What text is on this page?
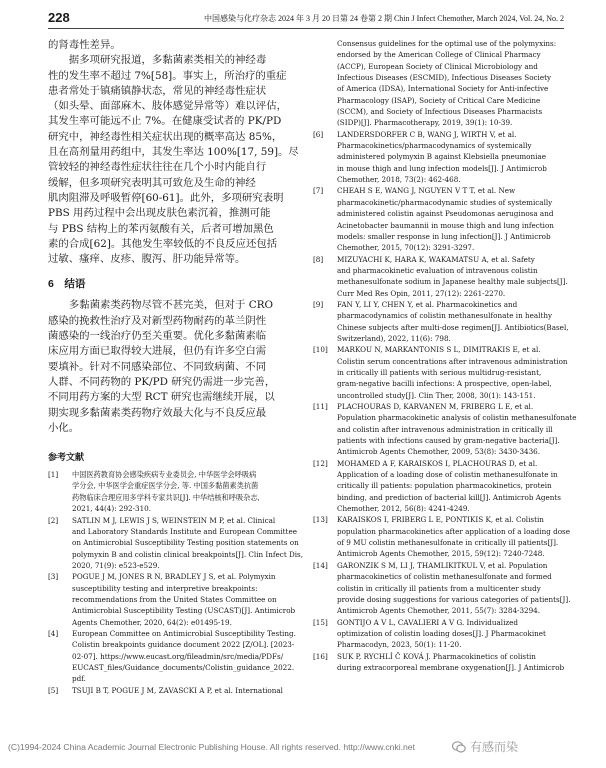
228	中国感染与化疗杂志 2024 年 3 月 20 日第 24 卷第 2 期 Chin J Infect Chemother, March 2024, Vol. 24, No. 2

的肾毒性差异。

据多项研究报道，多黏菌素类相关的神经毒
性的发生率不超过 7%[58]。事实上，所治疗的重症
患者常处于镇痛镇静状态，常见的神经毒性症状
（如头晕、面部麻木、肢体感觉异常等）难以评估，
其发生率可能远不止 7%。在健康受试者的 PK/PD
研究中，神经毒性相关症状出现的概率高达 85%，
且在高剂量用药组中，其发生率达 100%[17, 59]。尽
管较轻的神经毒性症状往往在几个小时内能自行
缓解，但多项研究表明其可致危及生命的神经
肌肉阻滞及呼吸暂停[60-61]。此外，多项研究表明
PBS 用药过程中会出现皮肤色素沉着，推测可能
与 PBS 结构上的苯丙氨酸有关，后者可增加黑色
素的合成[62]。其他发生率较低的不良反应还包括
过敏、瘙痒、皮疹、腹泻、肝功能异常等。

6　结语

多黏菌素类药物尽管不甚完美，但对于 CRO
感染的挽救性治疗及对新型药物耐药的革兰阴性
菌感染的一线治疗仍至关重要。优化多黏菌素临
床应用方面已取得较大进展，但仍有许多空白需
要填补。针对不同感染部位、不同致病菌、不同
人群、不同药物的 PK/PD 研究仍需进一步完善，
不同用药方案的大型 RCT 研究也需继续开展，以
期实现多黏菌素类药物疗效最大化与不良反应最
小化。

参考文献
[1]	中国医药教育协会感染疾病专业委员会, 中华医学会呼吸病
学分会, 中华医学会重症医学分会, 等. 中国多黏菌素类抗菌
药物临床合理应用多学科专家共识[J]. 中华结核和呼吸杂志,
2021, 44(4): 292-310.
[2]	SATLIN M J, LEWIS J S, WEINSTEIN M P, et al. Clinical
and Laboratory Standards Institute and European Committee
on Antimicrobial Susceptibility Testing position statements on
polymyxin B and colistin clinical breakpoints[J]. Clin Infect Dis,
2020, 71(9): e523-e529.
[3]	POGUE J M, JONES R N, BRADLEY J S, et al. Polymyxin
susceptibility testing and interpretive breakpoints:
recommendations from the United States Committee on
Antimicrobial Susceptibility Testing (USCAST)[J]. Antimicrob
Agents Chemother, 2020, 64(2): e01495-19.
[4]	European Committee on Antimicrobial Susceptibility Testing.
Colistin breakpoints guidance document 2022 [Z/OL]. [2023-
02-07]. https://www.eucast.org/fileadmin/src/media/PDFs/
EUCAST_files/Guidance_documents/Colistin_guidance_2022.
pdf.
[5]	TSUJI B T, POGUE J M, ZAVASCKI A P, et al. International
Consensus guidelines for the optimal use of the polymyxins:
endorsed by the American College of Clinical Pharmacy
(ACCP), European Society of Clinical Microbiology and
Infectious Diseases (ESCMID), Infectious Diseases Society
of America (IDSA), International Society for Anti-infective
Pharmacology (ISAP), Society of Critical Care Medicine
(SCCM), and Society of Infectious Diseases Pharmacists
(SIDP)[J]. Pharmacotherapy, 2019, 39(1): 10-39.
[6]	LANDERSDORFER C B, WANG J, WIRTH V, et al.
Pharmacokinetics/pharmacodynamics of systemically
administered polymyxin B against Klebsiella pneumoniae
in mouse thigh and lung infection models[J]. J Antimicrob
Chemother, 2018, 73(2): 462-468.
[7]	CHEAH S E, WANG J, NGUYEN V T T, et al. New
pharmacokinetic/pharmacodynamic studies of systemically
administered colistin against Pseudomonas aeruginosa and
Acinetobacter baumannii in mouse thigh and lung infection
models: smaller response in lung infection[J]. J Antimicrob
Chemother, 2015, 70(12): 3291-3297.
[8]	MIZUYACHI K, HARA K, WAKAMATSU A, et al. Safety
and pharmacokinetic evaluation of intravenous colistin
methanesulfonate sodium in Japanese healthy male subjects[J].
Curr Med Res Opin, 2011, 27(12): 2261-2270.
[9]	FAN Y, LI Y, CHEN Y, et al. Pharmacokinetics and
pharmacodynamics of colistin methanesulfonate in healthy
Chinese subjects after multi-dose regimen[J]. Antibiotics(Basel,
Switzerland), 2022, 11(6): 798.
[10]	MARKOU N, MARKANTONIS S L, DIMITRAKIS E, et al.
Colistin serum concentrations after intravenous administration
in critically ill patients with serious multidrug-resistant,
gram-negative bacilli infections: A prospective, open-label,
uncontrolled study[J]. Clin Ther, 2008, 30(1): 143-151.
[11]	PLACHOURAS D, KARVANEN M, FRIBERG L E, et al.
Population pharmacokinetic analysis of colistin methanesulfonate
and colistin after intravenous administration in critically ill
patients with infections caused by gram-negative bacteria[J].
Antimicrob Agents Chemother, 2009, 53(8): 3430-3436.
[12]	MOHAMED A F, KARAISKOS I, PLACHOURAS D, et al.
Application of a loading dose of colistin methanesulfonate in
critically ill patients: population pharmacokinetics, protein
binding, and prediction of bacterial kill[J]. Antimicrob Agents
Chemother, 2012, 56(8): 4241-4249.
[13]	KARAISKOS I, FRIBERG L E, PONTIKIS K, et al. Colistin
population pharmacokinetics after application of a loading dose
of 9 MU colistin methanesulfonate in critically ill patients[J].
Antimicrob Agents Chemother, 2015, 59(12): 7240-7248.
[14]	GARONZIK S M, LI J, THAMLIKITKUL V, et al. Population
pharmacokinetics of colistin methanesulfonate and formed
colistin in critically ill patients from a multicenter study
provide dosing suggestions for various categories of patients[J].
Antimicrob Agents Chemother, 2011, 55(7): 3284-3294.
[15]	GONTIJO A V L, CAVALIERI A V G. Individualized
optimization of colistin loading doses[J]. J Pharmacokinet
Pharmacodyn, 2023, 50(1): 11-20.
[16]	SUK P, RYCHLÍ Č KOVÁ J. Pharmacokinetics of colistin
during extracorporeal membrane oxygenation[J]. J Antimicrob
(C)1994-2024 China Academic Journal Electronic Publishing House. All rights reserved. http://www.cnki.net	有感而染
